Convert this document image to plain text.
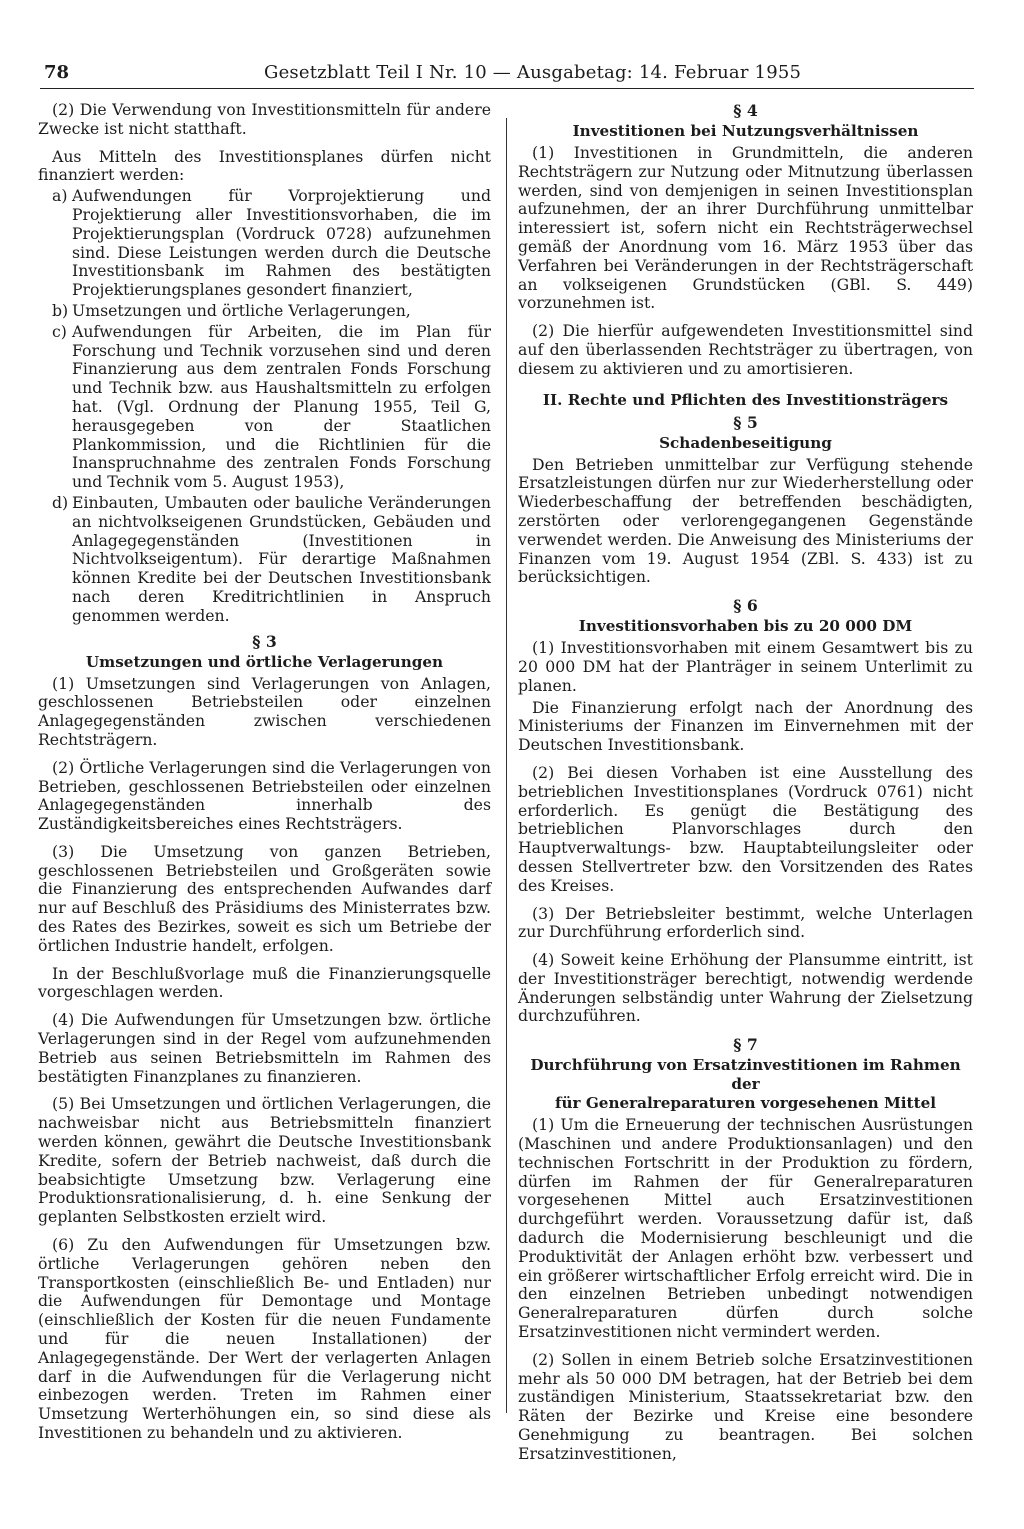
78	Gesetzblatt Teil I Nr. 10 — Ausgabetag: 14. Februar 1955

(2) Die Verwendung von Investitionsmitteln für andere Zwecke ist nicht statthaft.

Aus Mitteln des Investitionsplanes dürfen nicht finanziert werden:

a) Aufwendungen für Vorprojektierung und Projektierung aller Investitionsvorhaben, die im Projektierungsplan (Vordruck 0728) aufzunehmen sind. Diese Leistungen werden durch die Deutsche Investitionsbank im Rahmen des bestätigten Projektierungsplanes gesondert finanziert,
b) Umsetzungen und örtliche Verlagerungen,
c) Aufwendungen für Arbeiten, die im Plan für Forschung und Technik vorzusehen sind und deren Finanzierung aus dem zentralen Fonds Forschung und Technik bzw. aus Haushaltsmitteln zu erfolgen hat. (Vgl. Ordnung der Planung 1955, Teil G, herausgegeben von der Staatlichen Plankommission, und die Richtlinien für die Inanspruchnahme des zentralen Fonds Forschung und Technik vom 5. August 1953),
d) Einbauten, Umbauten oder bauliche Veränderungen an nichtvolkseigenen Grundstücken, Gebäuden und Anlagegegenständen (Investitionen in Nichtvolkseigentum). Für derartige Maßnahmen können Kredite bei der Deutschen Investitionsbank nach deren Kreditrichtlinien in Anspruch genommen werden.
§ 3
Umsetzungen und örtliche Verlagerungen

(1) Umsetzungen sind Verlagerungen von Anlagen, geschlossenen Betriebsteilen oder einzelnen Anlagegegenständen zwischen verschiedenen Rechtsträgern.

(2) Örtliche Verlagerungen sind die Verlagerungen von Betrieben, geschlossenen Betriebsteilen oder einzelnen Anlagegegenständen innerhalb des Zuständigkeitsbereiches eines Rechtsträgers.

(3) Die Umsetzung von ganzen Betrieben, geschlossenen Betriebsteilen und Großgeräten sowie die Finanzierung des entsprechenden Aufwandes darf nur auf Beschluß des Präsidiums des Ministerrates bzw. des Rates des Bezirkes, soweit es sich um Betriebe der örtlichen Industrie handelt, erfolgen.

In der Beschlußvorlage muß die Finanzierungsquelle vorgeschlagen werden.

(4) Die Aufwendungen für Umsetzungen bzw. örtliche Verlagerungen sind in der Regel vom aufzunehmenden Betrieb aus seinen Betriebsmitteln im Rahmen des bestätigten Finanzplanes zu finanzieren.

(5) Bei Umsetzungen und örtlichen Verlagerungen, die nachweisbar nicht aus Betriebsmitteln finanziert werden können, gewährt die Deutsche Investitionsbank Kredite, sofern der Betrieb nachweist, daß durch die beabsichtigte Umsetzung bzw. Verlagerung eine Produktionsrationalisierung, d. h. eine Senkung der geplanten Selbstkosten erzielt wird.

(6) Zu den Aufwendungen für Umsetzungen bzw. örtliche Verlagerungen gehören neben den Transportkosten (einschließlich Be- und Entladen) nur die Aufwendungen für Demontage und Montage (einschließlich der Kosten für die neuen Fundamente und für die neuen Installationen) der Anlagegegenstände. Der Wert der verlagerten Anlagen darf in die Aufwendungen für die Verlagerung nicht einbezogen werden. Treten im Rahmen einer Umsetzung Werterhöhungen ein, so sind diese als Investitionen zu behandeln und zu aktivieren.

§ 4
Investitionen bei Nutzungsverhältnissen

(1) Investitionen in Grundmitteln, die anderen Rechtsträgern zur Nutzung oder Mitnutzung überlassen werden, sind von demjenigen in seinen Investitionsplan aufzunehmen, der an ihrer Durchführung unmittelbar interessiert ist, sofern nicht ein Rechtsträgerwechsel gemäß der Anordnung vom 16. März 1953 über das Verfahren bei Veränderungen in der Rechtsträgerschaft an volkseigenen Grundstücken (GBl. S. 449) vorzunehmen ist.

(2) Die hierfür aufgewendeten Investitionsmittel sind auf den überlassenden Rechtsträger zu übertragen, von diesem zu aktivieren und zu amortisieren.

II. Rechte und Pflichten des Investitionsträgers
§ 5
Schadenbeseitigung

Den Betrieben unmittelbar zur Verfügung stehende Ersatzleistungen dürfen nur zur Wiederherstellung oder Wiederbeschaffung der betreffenden beschädigten, zerstörten oder verlorengegangenen Gegenstände verwendet werden. Die Anweisung des Ministeriums der Finanzen vom 19. August 1954 (ZBl. S. 433) ist zu berücksichtigen.

§ 6
Investitionsvorhaben bis zu 20 000 DM

(1) Investitionsvorhaben mit einem Gesamtwert bis zu 20 000 DM hat der Planträger in seinem Unterlimit zu planen.

Die Finanzierung erfolgt nach der Anordnung des Ministeriums der Finanzen im Einvernehmen mit der Deutschen Investitionsbank.

(2) Bei diesen Vorhaben ist eine Ausstellung des betrieblichen Investitionsplanes (Vordruck 0761) nicht erforderlich. Es genügt die Bestätigung des betrieblichen Planvorschlages durch den Hauptverwaltungs- bzw. Hauptabteilungsleiter oder dessen Stellvertreter bzw. den Vorsitzenden des Rates des Kreises.

(3) Der Betriebsleiter bestimmt, welche Unterlagen zur Durchführung erforderlich sind.

(4) Soweit keine Erhöhung der Plansumme eintritt, ist der Investitionsträger berechtigt, notwendig werdende Änderungen selbständig unter Wahrung der Zielsetzung durchzuführen.

§ 7
Durchführung von Ersatzinvestitionen im Rahmen der
für Generalreparaturen vorgesehenen Mittel

(1) Um die Erneuerung der technischen Ausrüstungen (Maschinen und andere Produktionsanlagen) und den technischen Fortschritt in der Produktion zu fördern, dürfen im Rahmen der für Generalreparaturen vorgesehenen Mittel auch Ersatzinvestitionen durchgeführt werden. Voraussetzung dafür ist, daß dadurch die Modernisierung beschleunigt und die Produktivität der Anlagen erhöht bzw. verbessert und ein größerer wirtschaftlicher Erfolg erreicht wird. Die in den einzelnen Betrieben unbedingt notwendigen Generalreparaturen dürfen durch solche Ersatzinvestitionen nicht vermindert werden.

(2) Sollen in einem Betrieb solche Ersatzinvestitionen mehr als 50 000 DM betragen, hat der Betrieb bei dem zuständigen Ministerium, Staatssekretariat bzw. den Räten der Bezirke und Kreise eine besondere Genehmigung zu beantragen. Bei solchen Ersatzinvestitionen,
